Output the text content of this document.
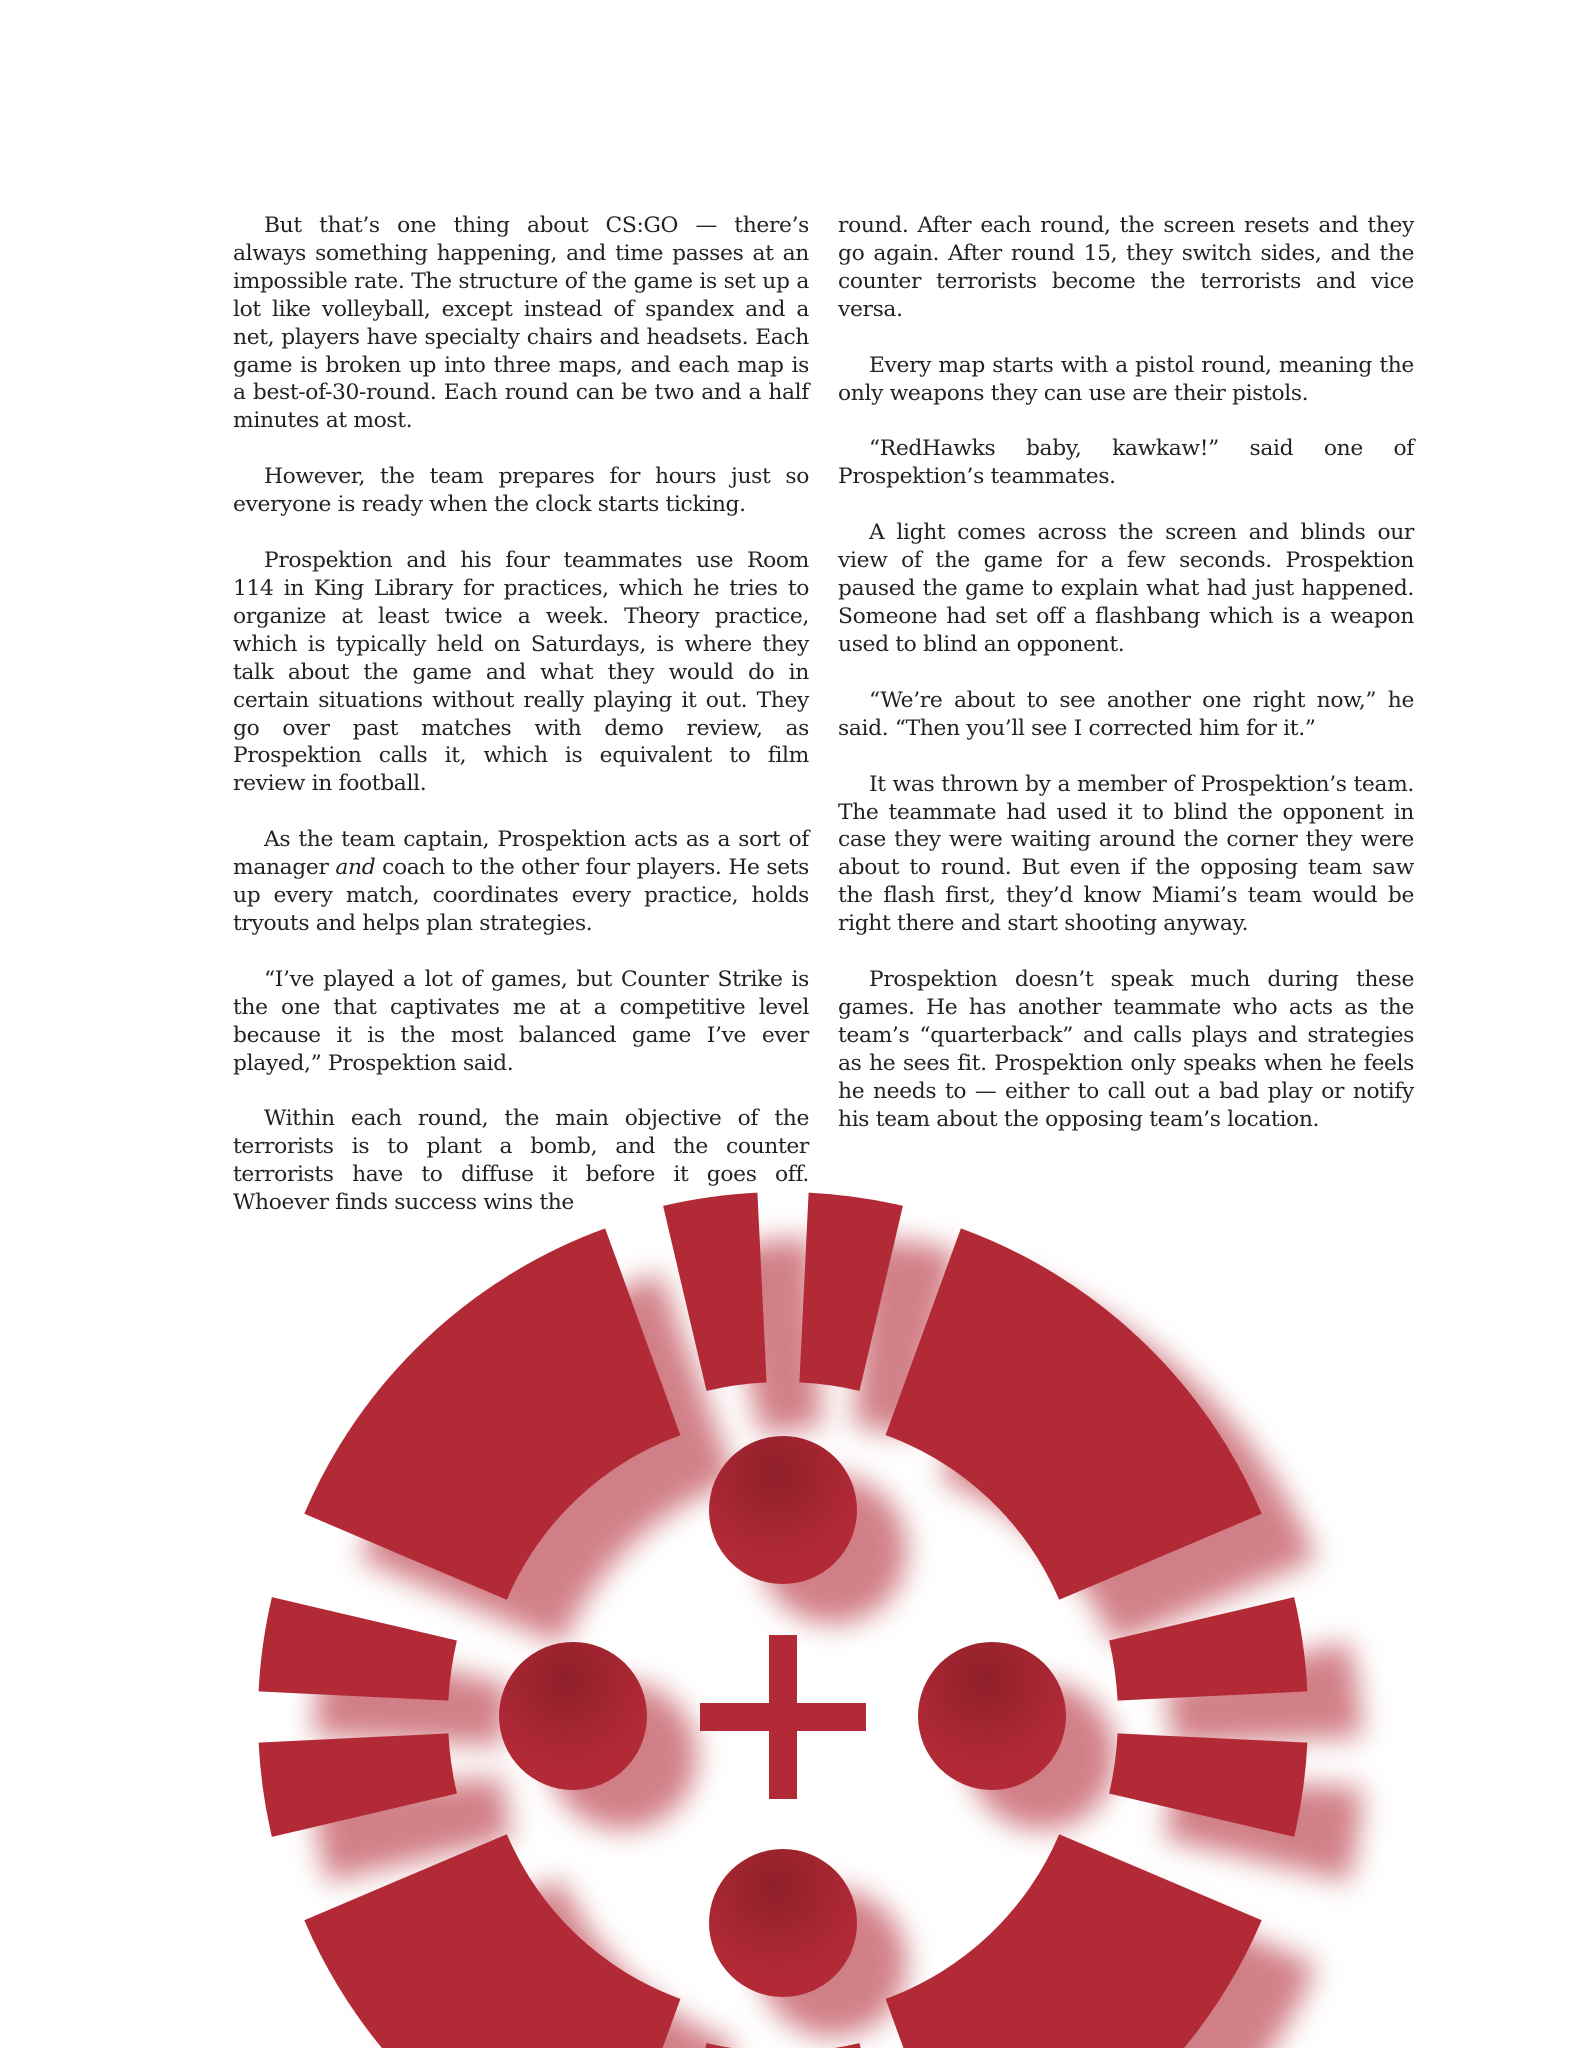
But that’s one thing about CS:GO — there’s always something happening, and time passes at an impossible rate. The structure of the game is set up a lot like volleyball, except instead of spandex and a net, players have specialty chairs and headsets. Each game is broken up into three maps, and each map is a best-of-30-round. Each round can be two and a half minutes at most.

However, the team prepares for hours just so everyone is ready when the clock starts ticking.

Prospektion and his four teammates use Room 114 in King Library for practices, which he tries to organize at least twice a week. Theory practice, which is typically held on Saturdays, is where they talk about the game and what they would do in certain situations without really playing it out. They go over past matches with demo review, as Prospektion calls it, which is equivalent to film review in football.

As the team captain, Prospektion acts as a sort of manager and coach to the other four players. He sets up every match, coordinates every practice, holds tryouts and helps plan strategies.

“I’ve played a lot of games, but Counter Strike is the one that captivates me at a competitive level because it is the most balanced game I’ve ever played,” Prospektion said.

Within each round, the main objective of the terrorists is to plant a bomb, and the counter terrorists have to diffuse it before it goes off. Whoever finds success wins the

round. After each round, the screen resets and they go again. After round 15, they switch sides, and the counter terrorists become the terrorists and vice versa.

Every map starts with a pistol round, meaning the only weapons they can use are their pistols.

“RedHawks baby, kawkaw!” said one of Prospektion’s teammates.

A light comes across the screen and blinds our view of the game for a few seconds. Prospektion paused the game to explain what had just happened. Someone had set off a flashbang which is a weapon used to blind an opponent.

“We’re about to see another one right now,” he said. “Then you’ll see I corrected him for it.”

It was thrown by a member of Prospektion’s team. The teammate had used it to blind the opponent in case they were waiting around the corner they were about to round. But even if the opposing team saw the flash first, they’d know Miami’s team would be right there and start shooting anyway.

Prospektion doesn’t speak much during these games. He has another teammate who acts as the team’s “quarterback” and calls plays and strategies as he sees fit. Prospektion only speaks when he feels he needs to — either to call out a bad play or notify his team about the opposing team’s location.
